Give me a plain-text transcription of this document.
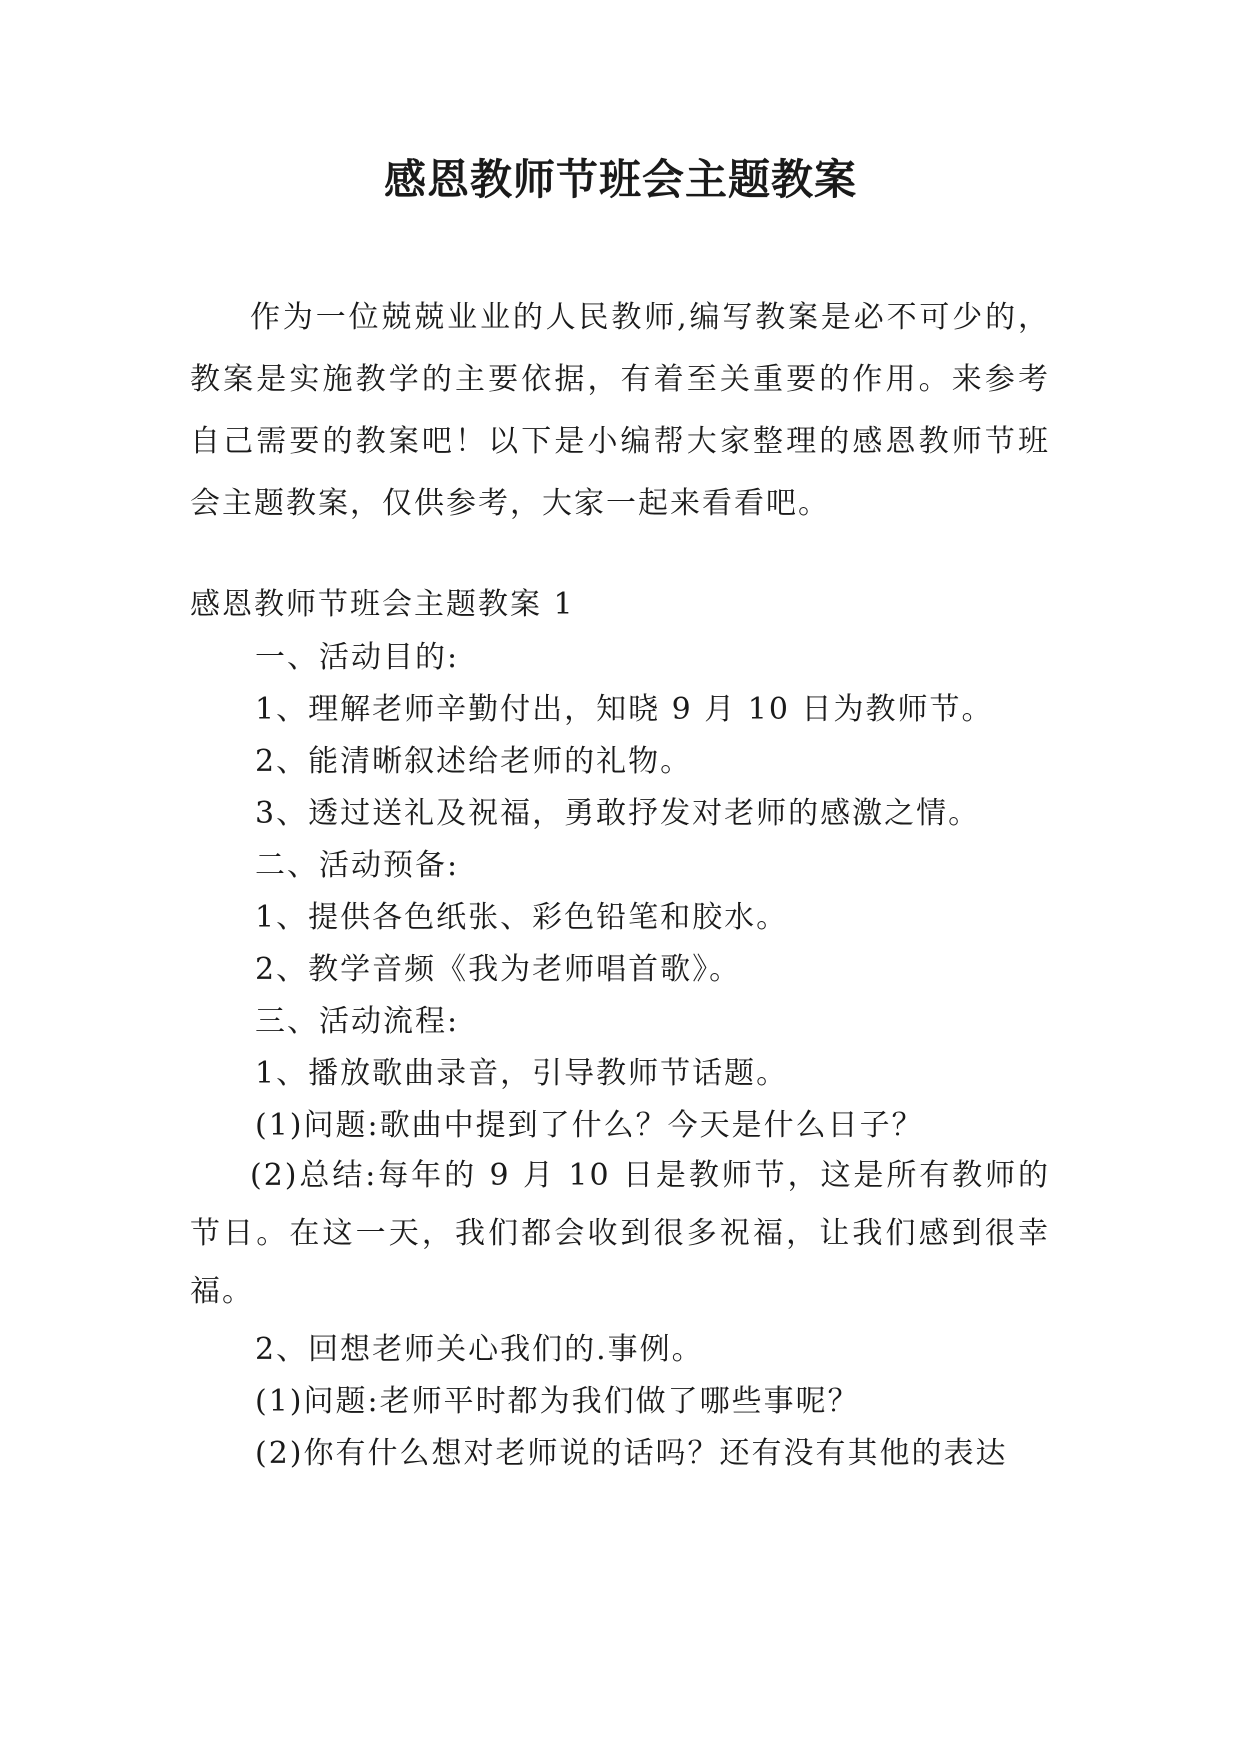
感恩教师节班会主题教案

作为一位兢兢业业的人民教师,编写教案是必不可少的，教案是实施教学的主要依据，有着至关重要的作用。来参考自己需要的教案吧！以下是小编帮大家整理的感恩教师节班会主题教案，仅供参考，大家一起来看看吧。

感恩教师节班会主题教案 1

一、活动目的:

1、理解老师辛勤付出，知晓 9 月 10 日为教师节。

2、能清晰叙述给老师的礼物。

3、透过送礼及祝福，勇敢抒发对老师的感激之情。

二、活动预备:

1、提供各色纸张、彩色铅笔和胶水。

2、教学音频《我为老师唱首歌》。

三、活动流程:

1、播放歌曲录音，引导教师节话题。

(1)问题:歌曲中提到了什么？今天是什么日子？

(2)总结:每年的 9 月 10 日是教师节，这是所有教师的节日。在这一天，我们都会收到很多祝福，让我们感到很幸福。

2、回想老师关心我们的.事例。

(1)问题:老师平时都为我们做了哪些事呢？

(2)你有什么想对老师说的话吗？还有没有其他的表达
